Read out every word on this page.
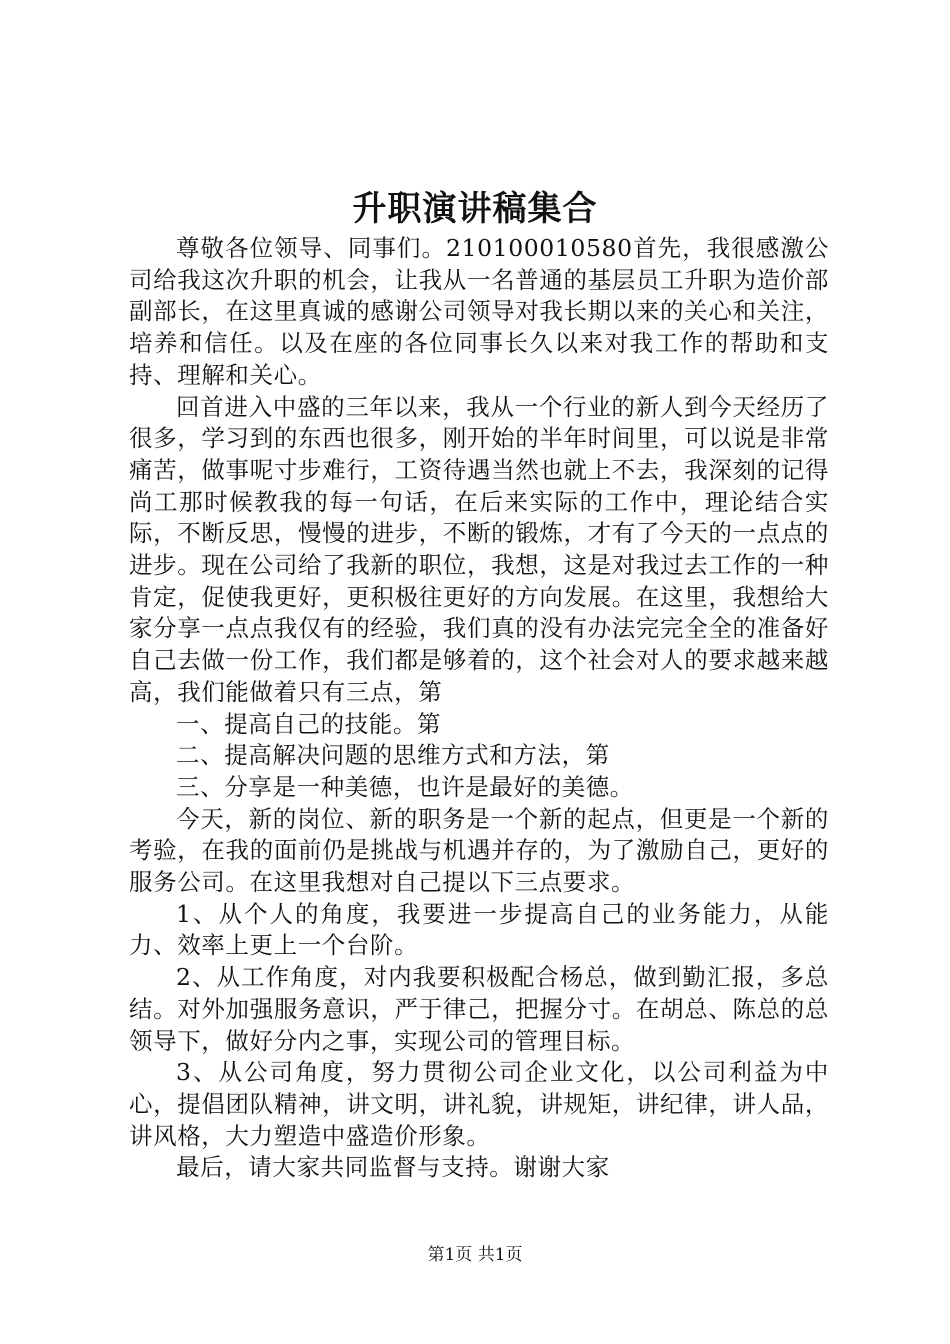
升职演讲稿集合

尊敬各位领导、同事们。210100010580首先，我很感激公司给我这次升职的机会，让我从一名普通的基层员工升职为造价部副部长，在这里真诚的感谢公司领导对我长期以来的关心和关注，培养和信任。以及在座的各位同事长久以来对我工作的帮助和支持、理解和关心。

回首进入中盛的三年以来，我从一个行业的新人到今天经历了很多，学习到的东西也很多，刚开始的半年时间里，可以说是非常痛苦，做事呢寸步难行，工资待遇当然也就上不去，我深刻的记得尚工那时候教我的每一句话，在后来实际的工作中，理论结合实际，不断反思，慢慢的进步，不断的锻炼，才有了今天的一点点的进步。现在公司给了我新的职位，我想，这是对我过去工作的一种肯定，促使我更好，更积极往更好的方向发展。在这里，我想给大家分享一点点我仅有的经验，我们真的没有办法完完全全的准备好自己去做一份工作，我们都是够着的，这个社会对人的要求越来越高，我们能做着只有三点，第

一、提高自己的技能。第

二、提高解决问题的思维方式和方法，第

三、分享是一种美德，也许是最好的美德。

今天，新的岗位、新的职务是一个新的起点，但更是一个新的考验，在我的面前仍是挑战与机遇并存的，为了激励自己，更好的服务公司。在这里我想对自己提以下三点要求。

1、从个人的角度，我要进一步提高自己的业务能力，从能力、效率上更上一个台阶。

2、从工作角度，对内我要积极配合杨总，做到勤汇报，多总结。对外加强服务意识，严于律己，把握分寸。在胡总、陈总的总领导下，做好分内之事，实现公司的管理目标。

3、从公司角度，努力贯彻公司企业文化，以公司利益为中心，提倡团队精神，讲文明，讲礼貌，讲规矩，讲纪律，讲人品，讲风格，大力塑造中盛造价形象。

最后，请大家共同监督与支持。谢谢大家

第1页 共1页
